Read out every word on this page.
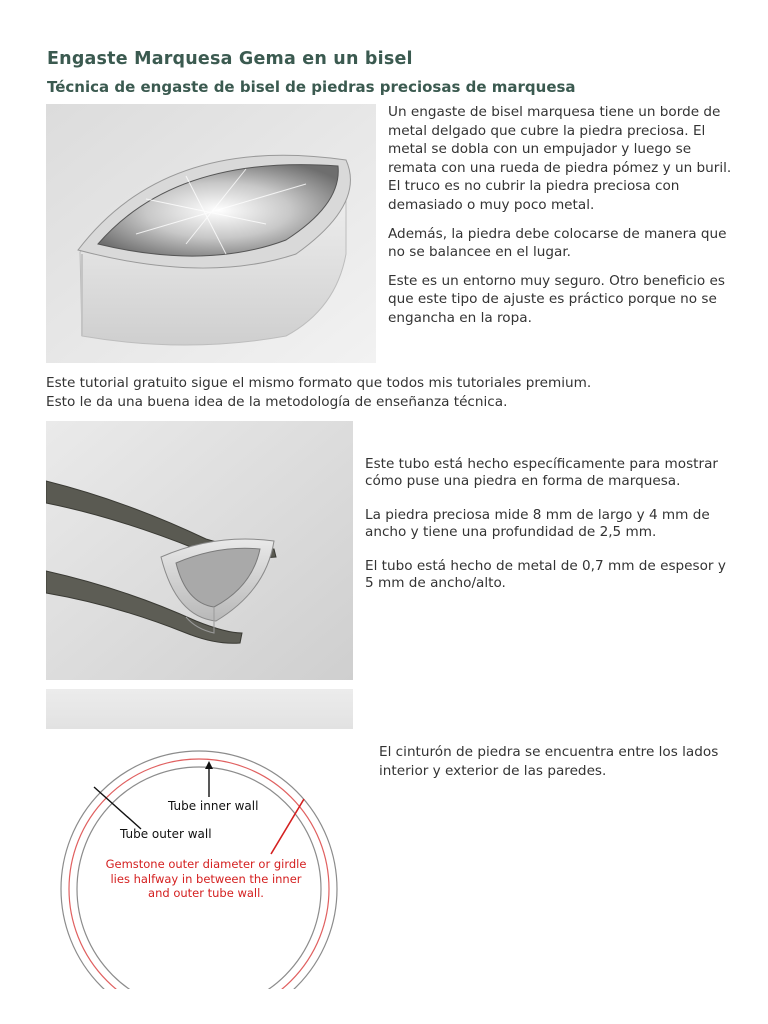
Engaste Marquesa Gema en un bisel
Técnica de engaste de bisel de piedras preciosas de marquesa

Un engaste de bisel marquesa tiene un borde de metal delgado que cubre la piedra preciosa. El metal se dobla con un empujador y luego se remata con una rueda de piedra pómez y un buril. El truco es no cubrir la piedra preciosa con demasiado o muy poco metal.

Además, la piedra debe colocarse de manera que no se balancee en el lugar.

Este es un entorno muy seguro. Otro beneficio es que este tipo de ajuste es práctico porque no se engancha en la ropa.

Este tutorial gratuito sigue el mismo formato que todos mis tutoriales premium.
Esto le da una buena idea de la metodología de enseñanza técnica.

Este tubo está hecho específicamente para mostrar cómo puse una piedra en forma de marquesa.

La piedra preciosa mide 8 mm de largo y 4 mm de ancho y tiene una profundidad de 2,5 mm.

El tubo está hecho de metal de 0,7 mm de espesor y 5 mm de ancho/alto.

Tube inner wall
Tube outer wall
Gemstone outer diameter or girdle
lies halfway in between the inner
and outer tube wall.

El cinturón de piedra se encuentra entre los lados interior y exterior de las paredes.
